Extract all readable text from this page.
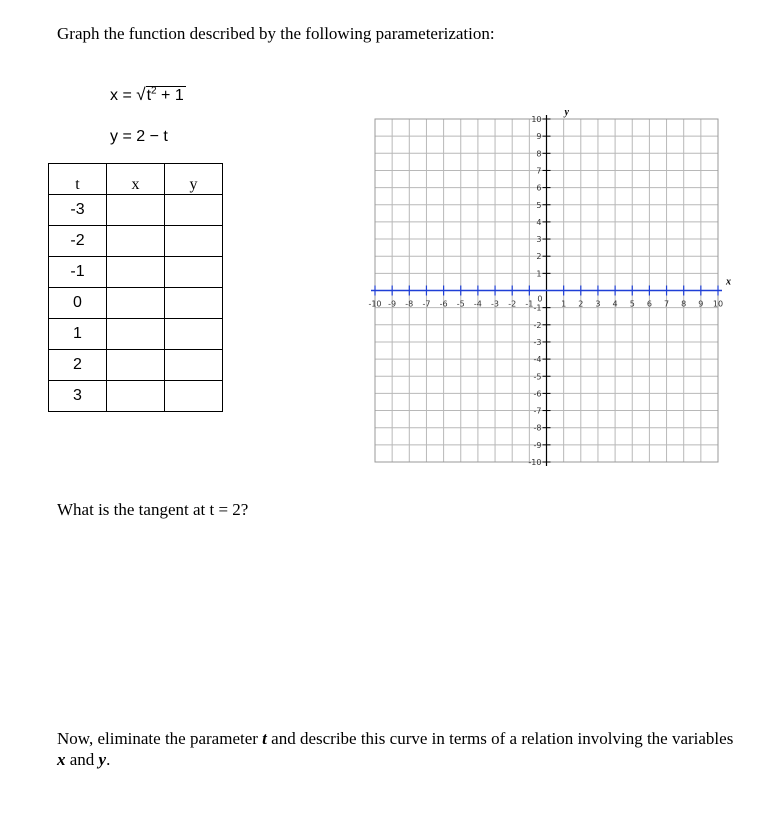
Graph the function described by the following parameterization:
$x = √t^2 + 1$
y = 2 − t
t	x	y
-3		
-2		
-1		
0		
1		
2		
3		
-10 -9 -8 -7 -6 -5 -4 -3 -2 -1	1 2 3 4 5 6 7 8 9 10
1
-1
2
-2
3
-3
4
-4
5
-5
6
-6
7
-7
8
-8
9
-9
10
-10
0
x
y
What is the tangent at t = 2?
Now, eliminate the parameter t and describe this curve in terms of a relation involving the variables x and y.
